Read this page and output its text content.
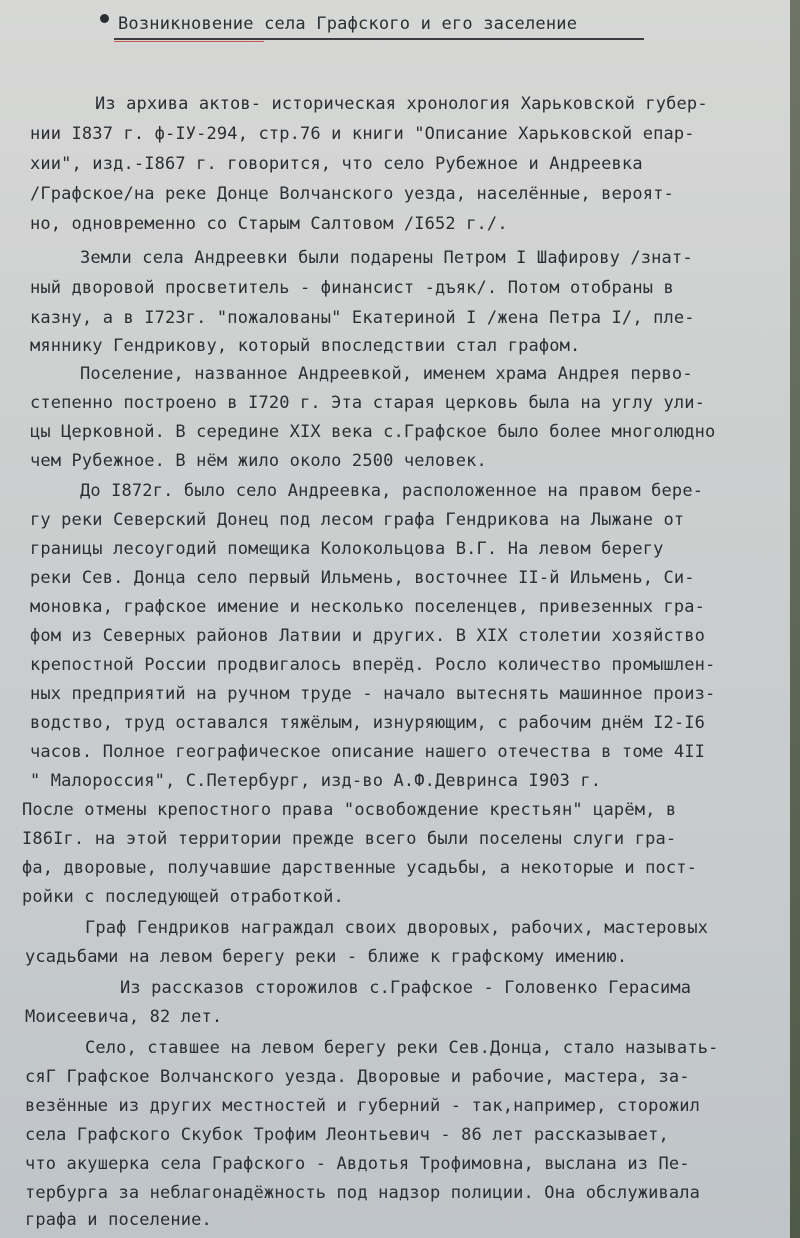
Возникновение села Графского и его заселение
Из архива актов- историческая хронология Харьковской губер-
нии I837 г. ф-IУ-294, стр.76 и книги "Описание Харьковской епар-
хии", изд.-I867 г. говорится, что село Рубежное и Андреевка
/Графское/на реке Донце Волчанского уезда, населённые, вероят-
но, одновременно со Старым Салтовом /I652 г./.
Земли села Андреевки были подарены Петром I Шафирову /знат-
ный дворовой просветитель - финансист -дъяк/. Потом отобраны в
казну, а в I723г. "пожалованы" Екатериной I /жена Петра I/, пле-
мяннику Гендрикову, который впоследствии стал графом.
Поселение, названное Андреевкой, именем храма Андрея перво-
степенно построено в I720 г. Эта старая церковь была на углу ули-
цы Церковной. В середине XIX века с.Графское было более многолюдно
чем Рубежное. В нём жило около 2500 человек.
До I872г. было село Андреевка, расположенное на правом бере-
гу реки Северский Донец под лесом графа Гендрикова на Лыжане от
границы лесоугодий помещика Колокольцова В.Г. На левом берегу
реки Сев. Донца село первый Ильмень, восточнее II-й Ильмень, Си-
моновка, графское имение и несколько поселенцев, привезенных гра-
фом из Северных районов Латвии и других. В XIX столетии хозяйство
крепостной России продвигалось вперёд. Росло количество промышлен-
ных предприятий на ручном труде - начало вытеснять машинное произ-
водство, труд оставался тяжёлым, изнуряющим, с рабочим днём I2-I6
часов. Полное географическое описание нашего отечества в томе 4II
" Малороссия", С.Петербург, изд-во А.Ф.Девринса I903 г.
После отмены крепостного права "освобождение крестьян" царём, в
I86Iг. на этой территории прежде всего были поселены слуги гра-
фа, дворовые, получавшие дарственные усадьбы, а некоторые и пост-
ройки с последующей отработкой.
Граф Гендриков награждал своих дворовых, рабочих, мастеровых
усадьбами на левом берегу реки - ближе к графскому имению.
Из рассказов сторожилов с.Графское - Головенко Герасима
Моисеевича, 82 лет.
Село, ставшее на левом берегу реки Сев.Донца, стало называть-
сяГ Графское Волчанского уезда. Дворовые и рабочие, мастера, за-
везённые из других местностей и губерний - так,например, сторожил
села Графского Скубок Трофим Леонтьевич - 86 лет рассказывает,
что акушерка села Графского - Авдотья Трофимовна, выслана из Пе-
тербурга за неблагонадёжность под надзор полиции. Она обслуживала
графа и поселение.
